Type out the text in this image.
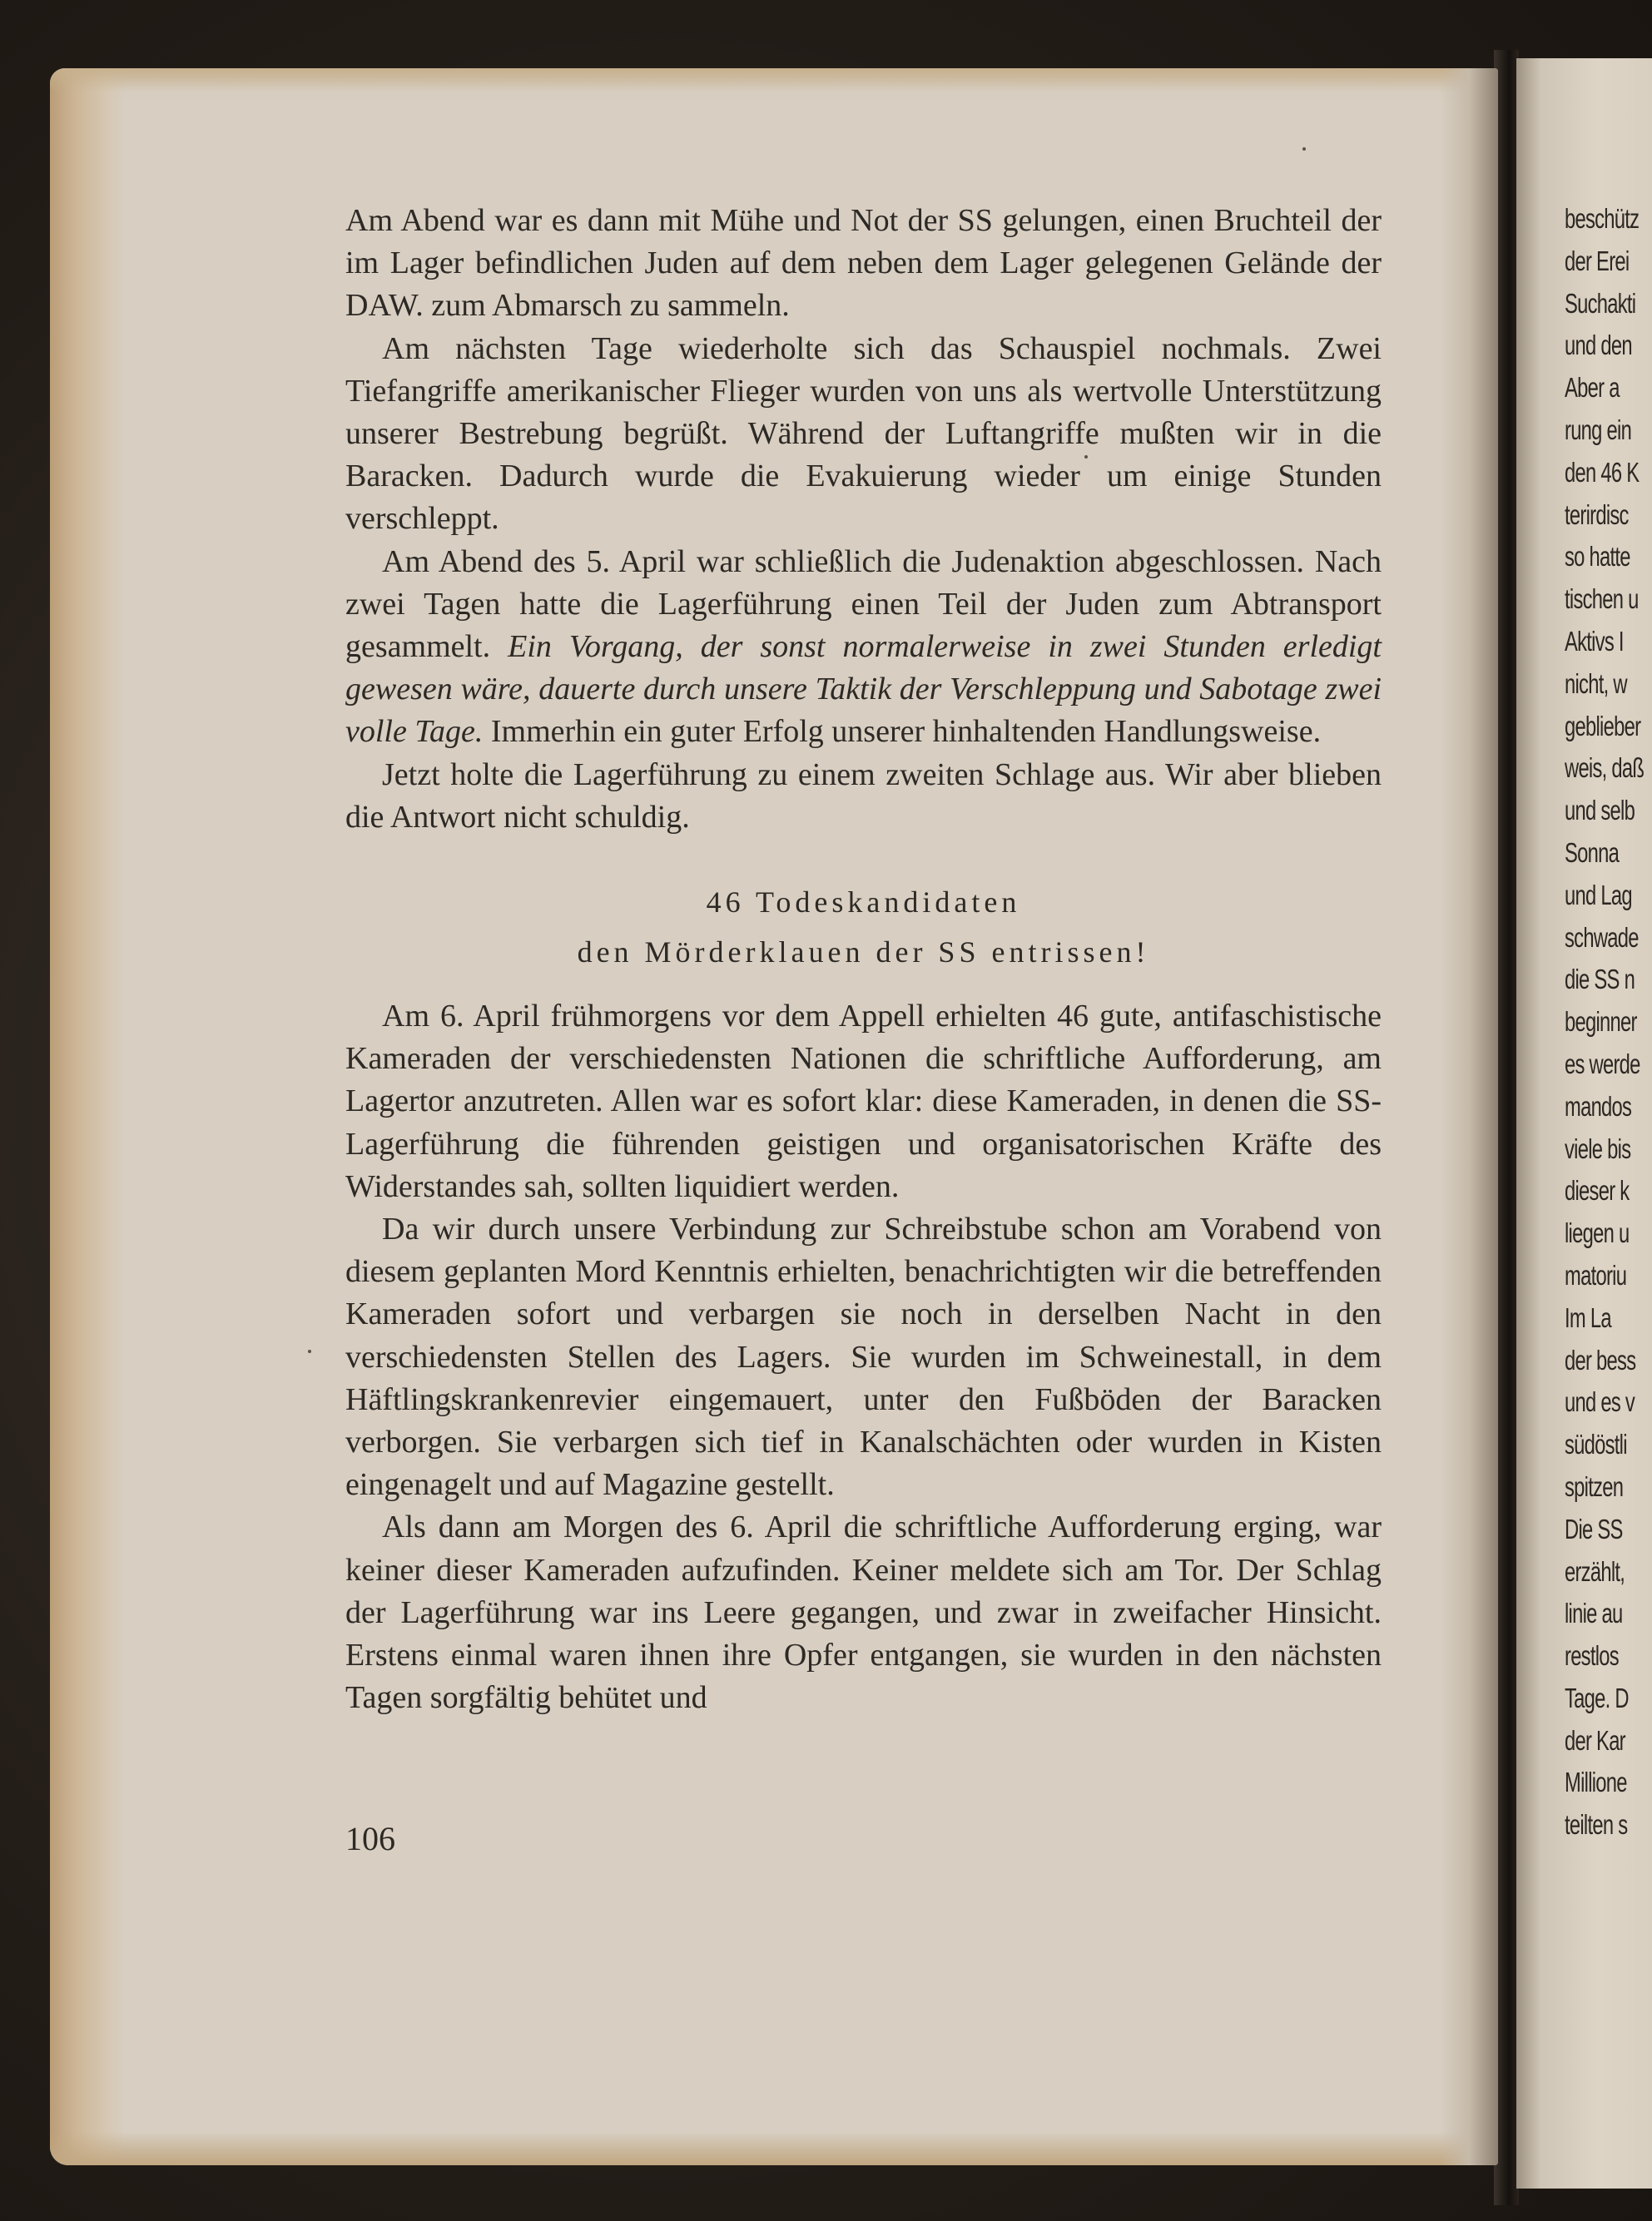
beschütz
der Erei
Suchakti
und den
Aber a
rung ein
den 46 K
terirdisc
so hatte
tischen u
Aktivs I
nicht, w
geblieber
weis, daß
und selb
Sonna
und Lag
schwade
die SS n
beginner
es werde
mandos
viele bis
dieser k
liegen u
matoriu
Im La
der bess
und es v
südöstli
spitzen
Die SS
erzählt,
linie au
restlos
Tage. D
der Kar
Millione
teilten s

Am Abend war es dann mit Mühe und Not der SS gelungen, einen Bruchteil der im Lager befindlichen Juden auf dem neben dem Lager gelegenen Gelände der DAW. zum Abmarsch zu sammeln.

Am nächsten Tage wiederholte sich das Schauspiel nochmals. Zwei Tiefangriffe amerikanischer Flieger wurden von uns als wertvolle Unterstützung unserer Bestrebung begrüßt. Während der Luftangriffe mußten wir in die Baracken. Dadurch wurde die Evakuierung wieder um einige Stunden verschleppt.

Am Abend des 5. April war schließlich die Judenaktion abgeschlossen. Nach zwei Tagen hatte die Lagerführung einen Teil der Juden zum Abtransport gesammelt. Ein Vorgang, der sonst normalerweise in zwei Stunden erledigt gewesen wäre, dauerte durch unsere Taktik der Verschleppung und Sabotage zwei volle Tage. Immerhin ein guter Erfolg unserer hinhaltenden Handlungsweise.

Jetzt holte die Lagerführung zu einem zweiten Schlage aus. Wir aber blieben die Antwort nicht schuldig.

46 Todeskandidaten
den Mörderklauen der SS entrissen!

Am 6. April frühmorgens vor dem Appell erhielten 46 gute, antifaschistische Kameraden der verschiedensten Nationen die schriftliche Aufforderung, am Lagertor anzutreten. Allen war es sofort klar: diese Kameraden, in denen die SS-Lagerführung die führenden geistigen und organisatorischen Kräfte des Widerstandes sah, sollten liquidiert werden.

Da wir durch unsere Verbindung zur Schreibstube schon am Vorabend von diesem geplanten Mord Kenntnis erhielten, benachrichtigten wir die betreffenden Kameraden sofort und verbargen sie noch in derselben Nacht in den verschiedensten Stellen des Lagers. Sie wurden im Schweinestall, in dem Häftlingskrankenrevier eingemauert, unter den Fußböden der Baracken verborgen. Sie verbargen sich tief in Kanalschächten oder wurden in Kisten eingenagelt und auf Magazine gestellt.

Als dann am Morgen des 6. April die schriftliche Aufforderung erging, war keiner dieser Kameraden aufzufinden. Keiner meldete sich am Tor. Der Schlag der Lagerführung war ins Leere gegangen, und zwar in zweifacher Hinsicht. Erstens einmal waren ihnen ihre Opfer entgangen, sie wurden in den nächsten Tagen sorgfältig behütet und

106
